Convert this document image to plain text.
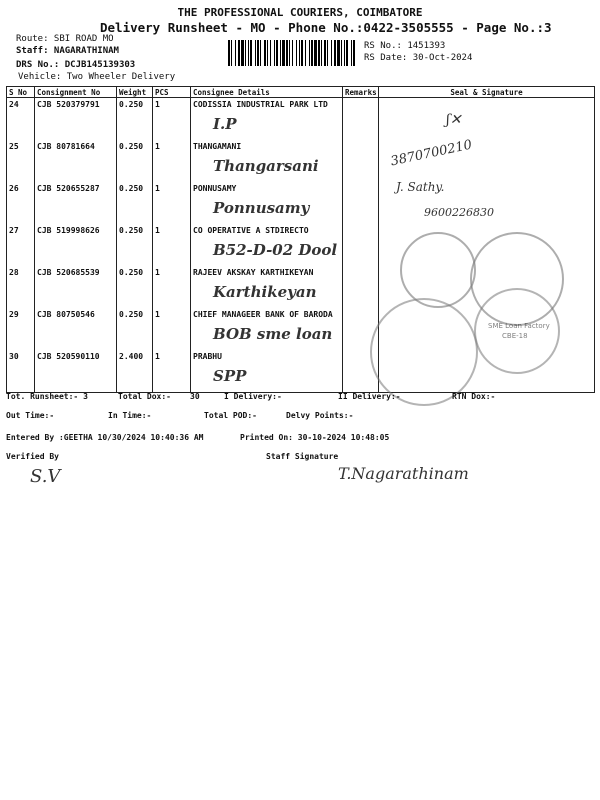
THE PROFESSIONAL COURIERS, COIMBATORE
Delivery Runsheet - MO - Phone No.:0422-3505555 - Page No.:3
Route: SBI ROAD MO
Staff: NAGARATHINAM
DRS No.: DCJB145139303
Vehicle: Two Wheeler Delivery
RS No.: 1451393
RS Date: 30-Oct-2024
S No	Consignment No	Weight	PCS	Consignee Details	Remarks	Seal & Signature

24	CJB 520379791	0.250	1	CODISSIA INDUSTRIAL PARK LTD
I.P		

25	CJB 80781664	0.250	1	THANGAMANI
Thangarsani		

26	CJB 520655287	0.250	1	PONNUSAMY
Ponnusamy		

27	CJB 519998626	0.250	1	CO OPERATIVE A STDIRECTO
B52-D-02 Dool		

28	CJB 520685539	0.250	1	RAJEEV AKSKAY KARTHIKEYAN
Karthikeyan		

29	CJB 80750546	0.250	1	CHIEF MANAGEER BANK OF BARODA
BOB sme loan		

30	CJB 520590110	2.400	1	PRABHU
SPP		

ʃ✕
3870700210
J. Sathy.
9600226830
SME Loan Factory
CBE-18
Tot. Runsheet:- 3	Total Dox:- 30	I Delivery:-	II Delivery:-	RTN Dox:-
Out Time:-	In Time:-	Total POD:-	Delvy Points:-
Entered By :GEETHA 10/30/2024 10:40:36 AM	Printed On: 30-10-2024 10:48:05
Verified By	Staff Signature
S.V	T.Nagarathinam
